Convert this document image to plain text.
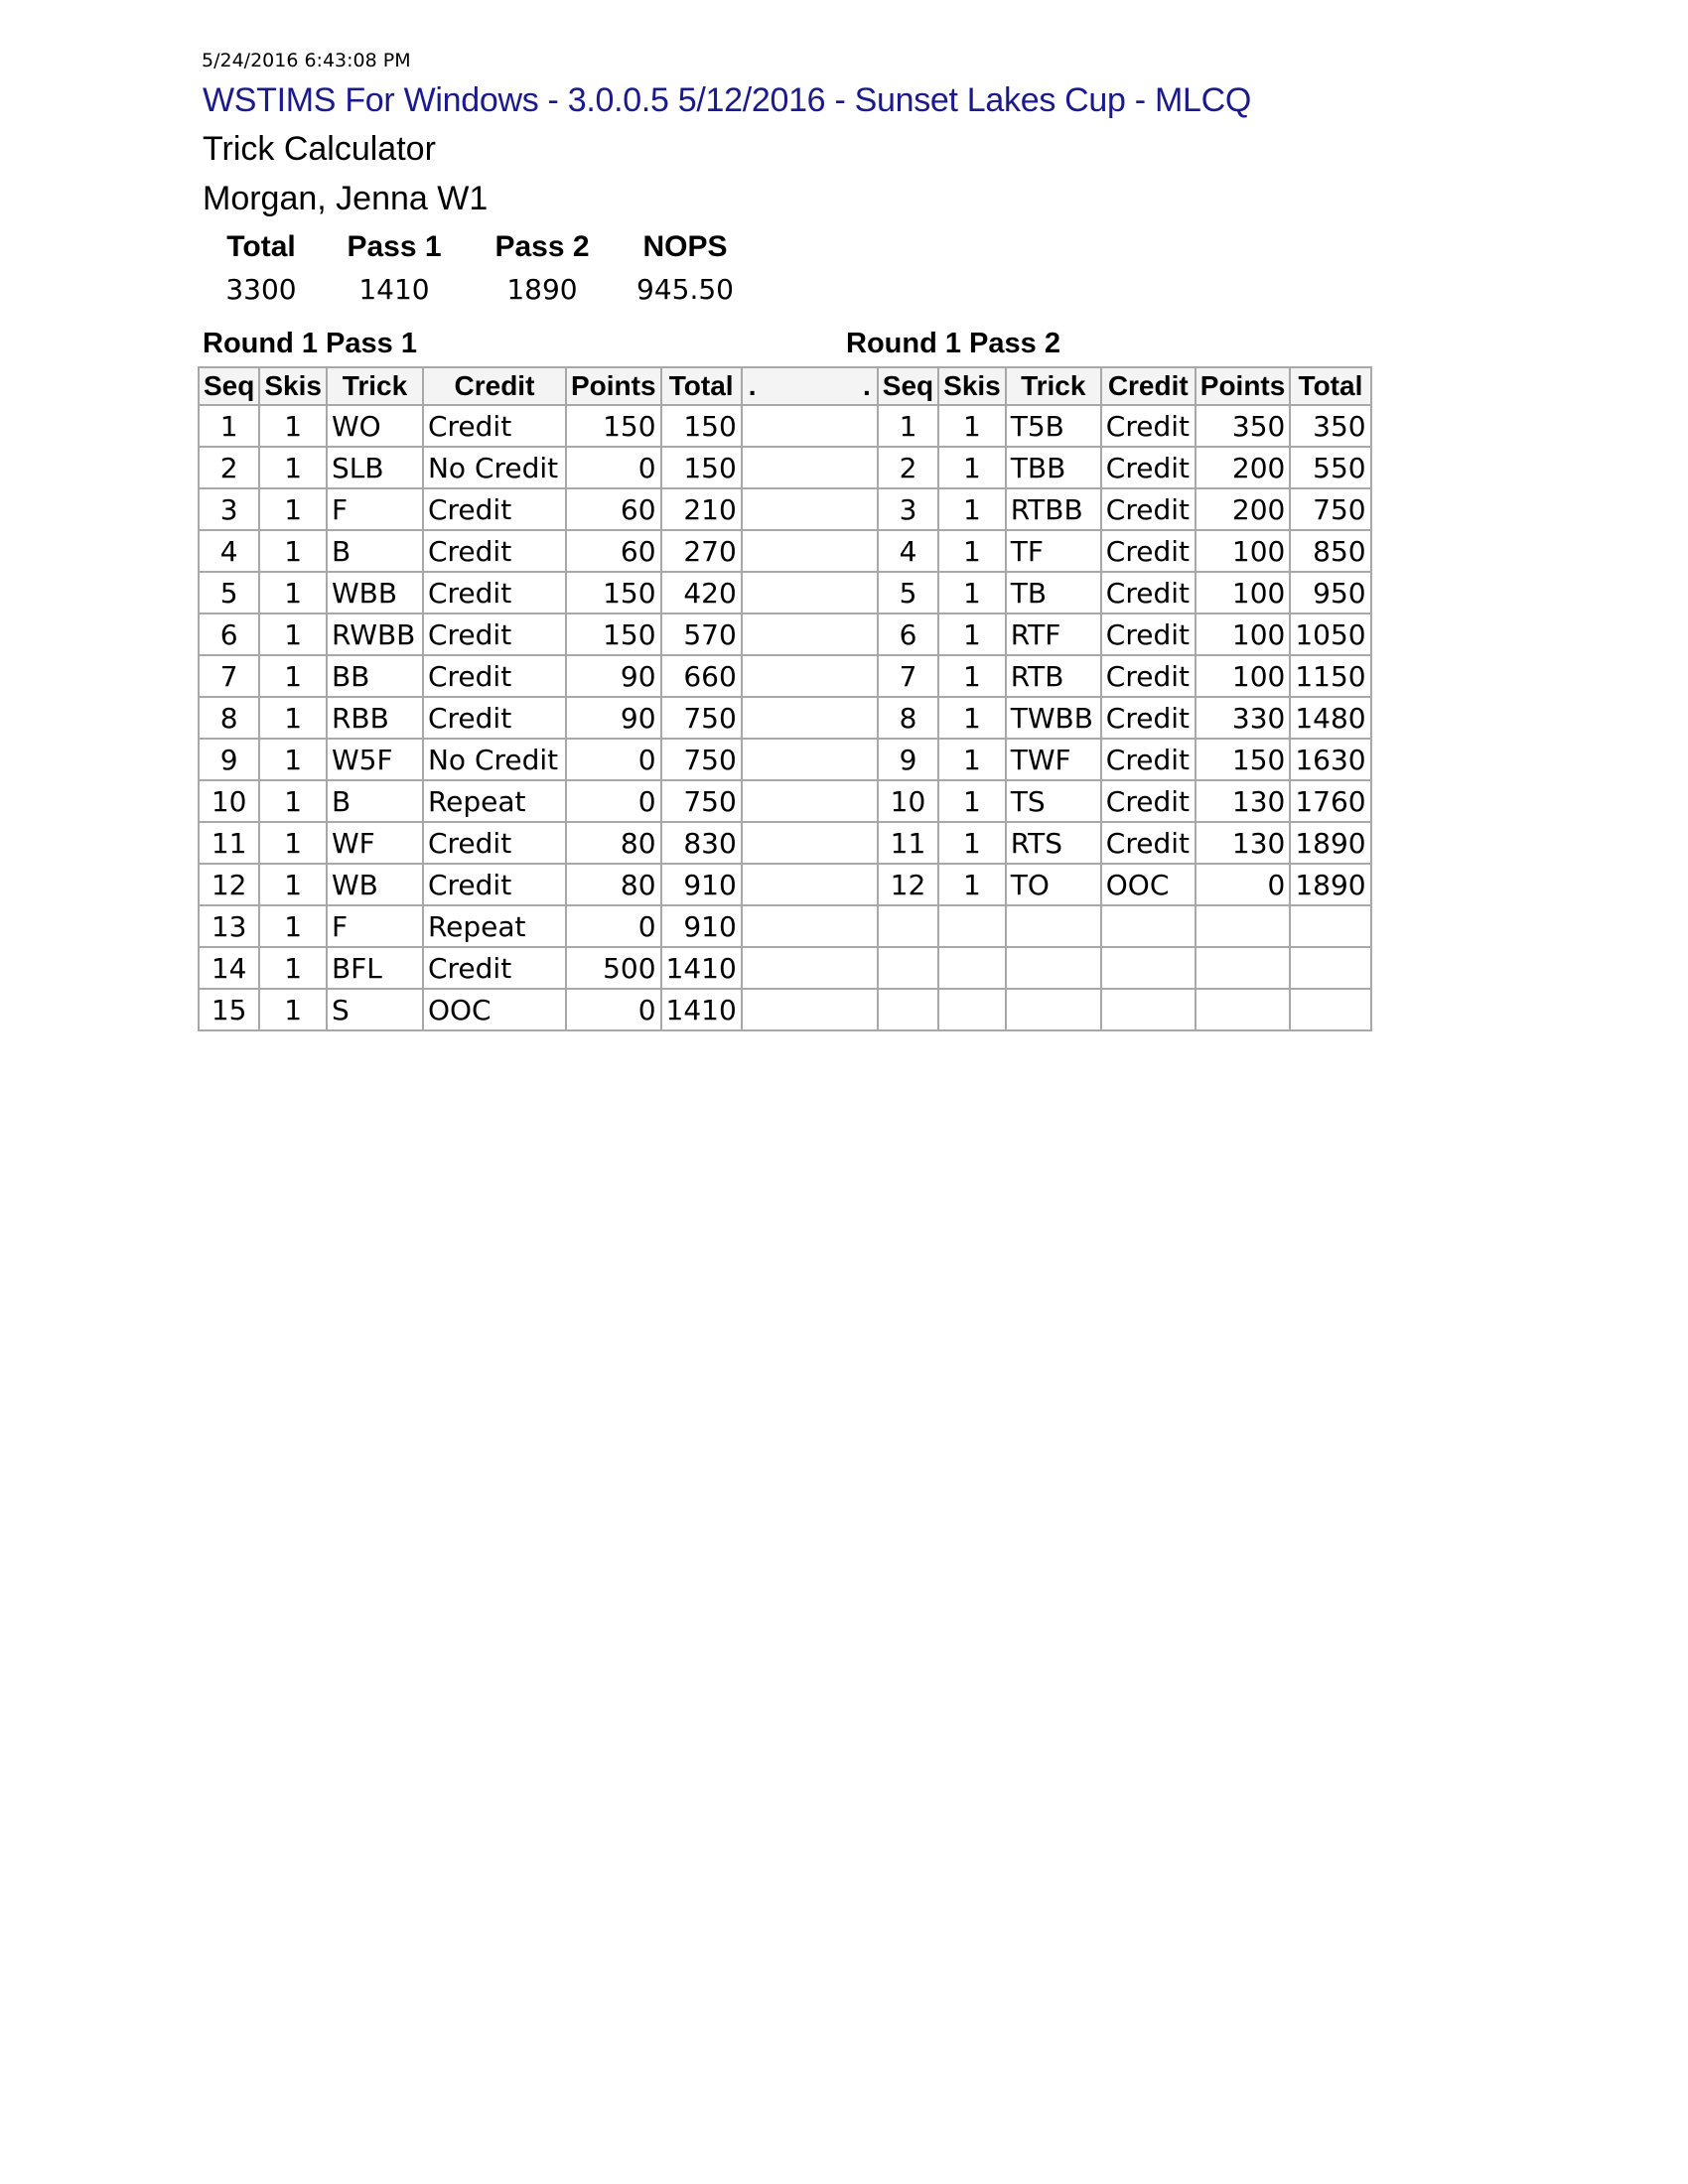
5/24/2016 6:43:08 PM
WSTIMS For Windows - 3.0.0.5 5/12/2016 - Sunset Lakes Cup - MLCQ
Trick Calculator
Morgan, Jenna W1
Total	Pass 1	Pass 2	NOPS
3300	1410	1890	945.50
Round 1 Pass 1	Round 1 Pass 2
Seq	Skis	Trick	Credit	Points	Total	. .	Seq	Skis	Trick	Credit	Points	Total
1	1	WO	Credit	150	150		1	1	T5B	Credit	350	350
2	1	SLB	No Credit	0	150		2	1	TBB	Credit	200	550
3	1	F	Credit	60	210		3	1	RTBB	Credit	200	750
4	1	B	Credit	60	270		4	1	TF	Credit	100	850
5	1	WBB	Credit	150	420		5	1	TB	Credit	100	950
6	1	RWBB	Credit	150	570		6	1	RTF	Credit	100	1050
7	1	BB	Credit	90	660		7	1	RTB	Credit	100	1150
8	1	RBB	Credit	90	750		8	1	TWBB	Credit	330	1480
9	1	W5F	No Credit	0	750		9	1	TWF	Credit	150	1630
10	1	B	Repeat	0	750		10	1	TS	Credit	130	1760
11	1	WF	Credit	80	830		11	1	RTS	Credit	130	1890
12	1	WB	Credit	80	910		12	1	TO	OOC	0	1890
13	1	F	Repeat	0	910							
14	1	BFL	Credit	500	1410							
15	1	S	OOC	0	1410							
